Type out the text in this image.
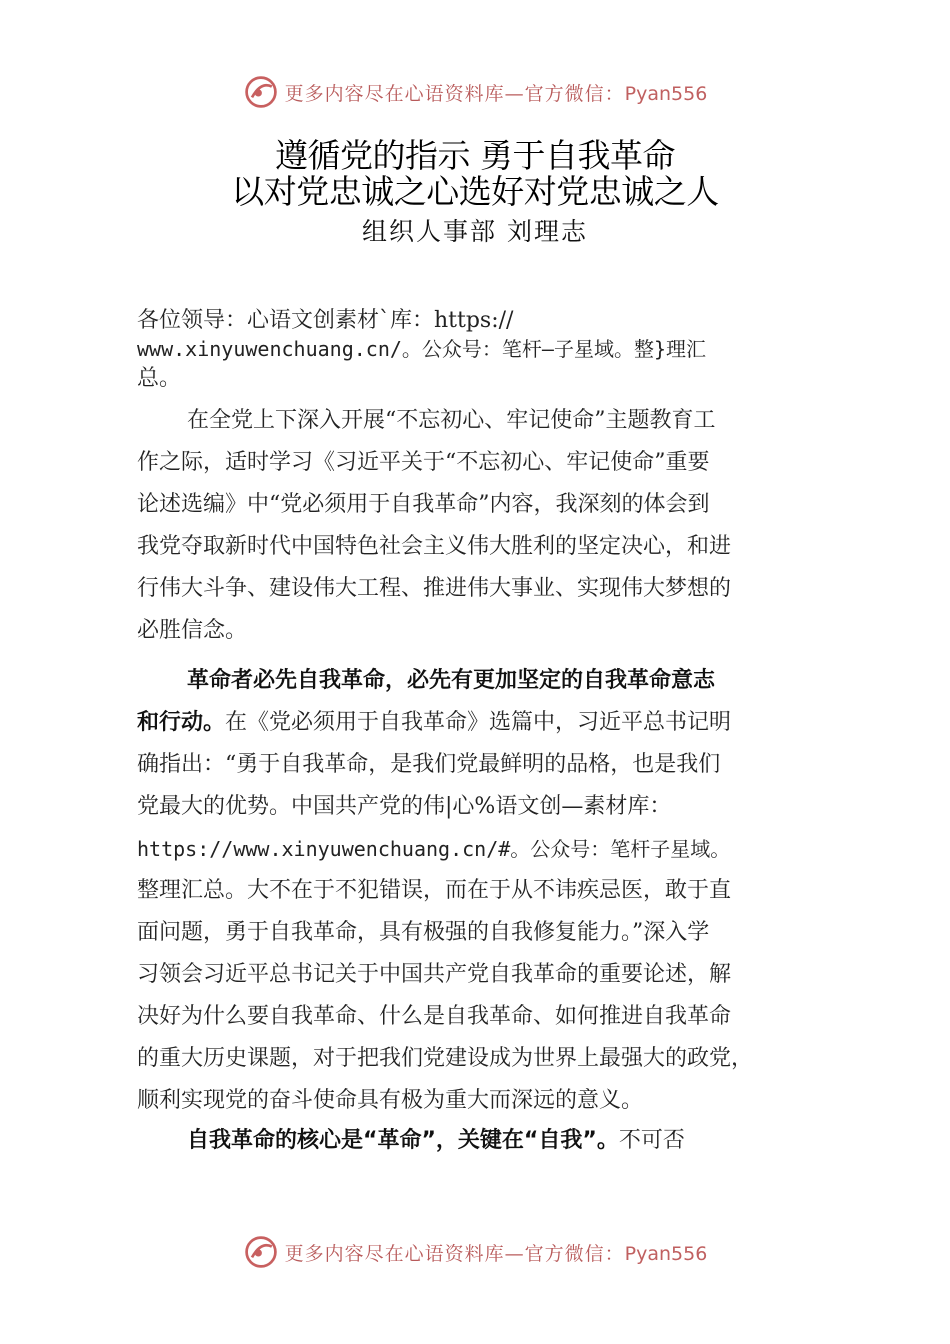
更多内容尽在心语资料库—官方微信：Pyan556
遵循党的指示 勇于自我革命
以对党忠诚之心选好对党忠诚之人
组织人事部 刘理志
各位领导：心语文创素材`库：https://
www.xinyuwenchuang.cn/。公众号：笔杆—子星域。整}理汇
总。
在全党上下深入开展“不忘初心、牢记使命”主题教育工
作之际，适时学习《习近平关于“不忘初心、牢记使命”重要
论述选编》中“党必须用于自我革命”内容，我深刻的体会到
我党夺取新时代中国特色社会主义伟大胜利的坚定决心，和进
行伟大斗争、建设伟大工程、推进伟大事业、实现伟大梦想的
必胜信念。
革命者必先自我革命，必先有更加坚定的自我革命意志
和行动。在《党必须用于自我革命》选篇中，习近平总书记明
确指出：“勇于自我革命，是我们党最鲜明的品格，也是我们
党最大的优势。中国共产党的伟|心%语文创—素材库：
https://www.xinyuwenchuang.cn/#。公众号：笔杆子星域。
整理汇总。大不在于不犯错误，而在于从不讳疾忌医，敢于直
面问题，勇于自我革命，具有极强的自我修复能力。”深入学
习领会习近平总书记关于中国共产党自我革命的重要论述，解
决好为什么要自我革命、什么是自我革命、如何推进自我革命
的重大历史课题，对于把我们党建设成为世界上最强大的政党，
顺利实现党的奋斗使命具有极为重大而深远的意义。
自我革命的核心是“革命”，关键在“自我”。不可否
更多内容尽在心语资料库—官方微信：Pyan556
